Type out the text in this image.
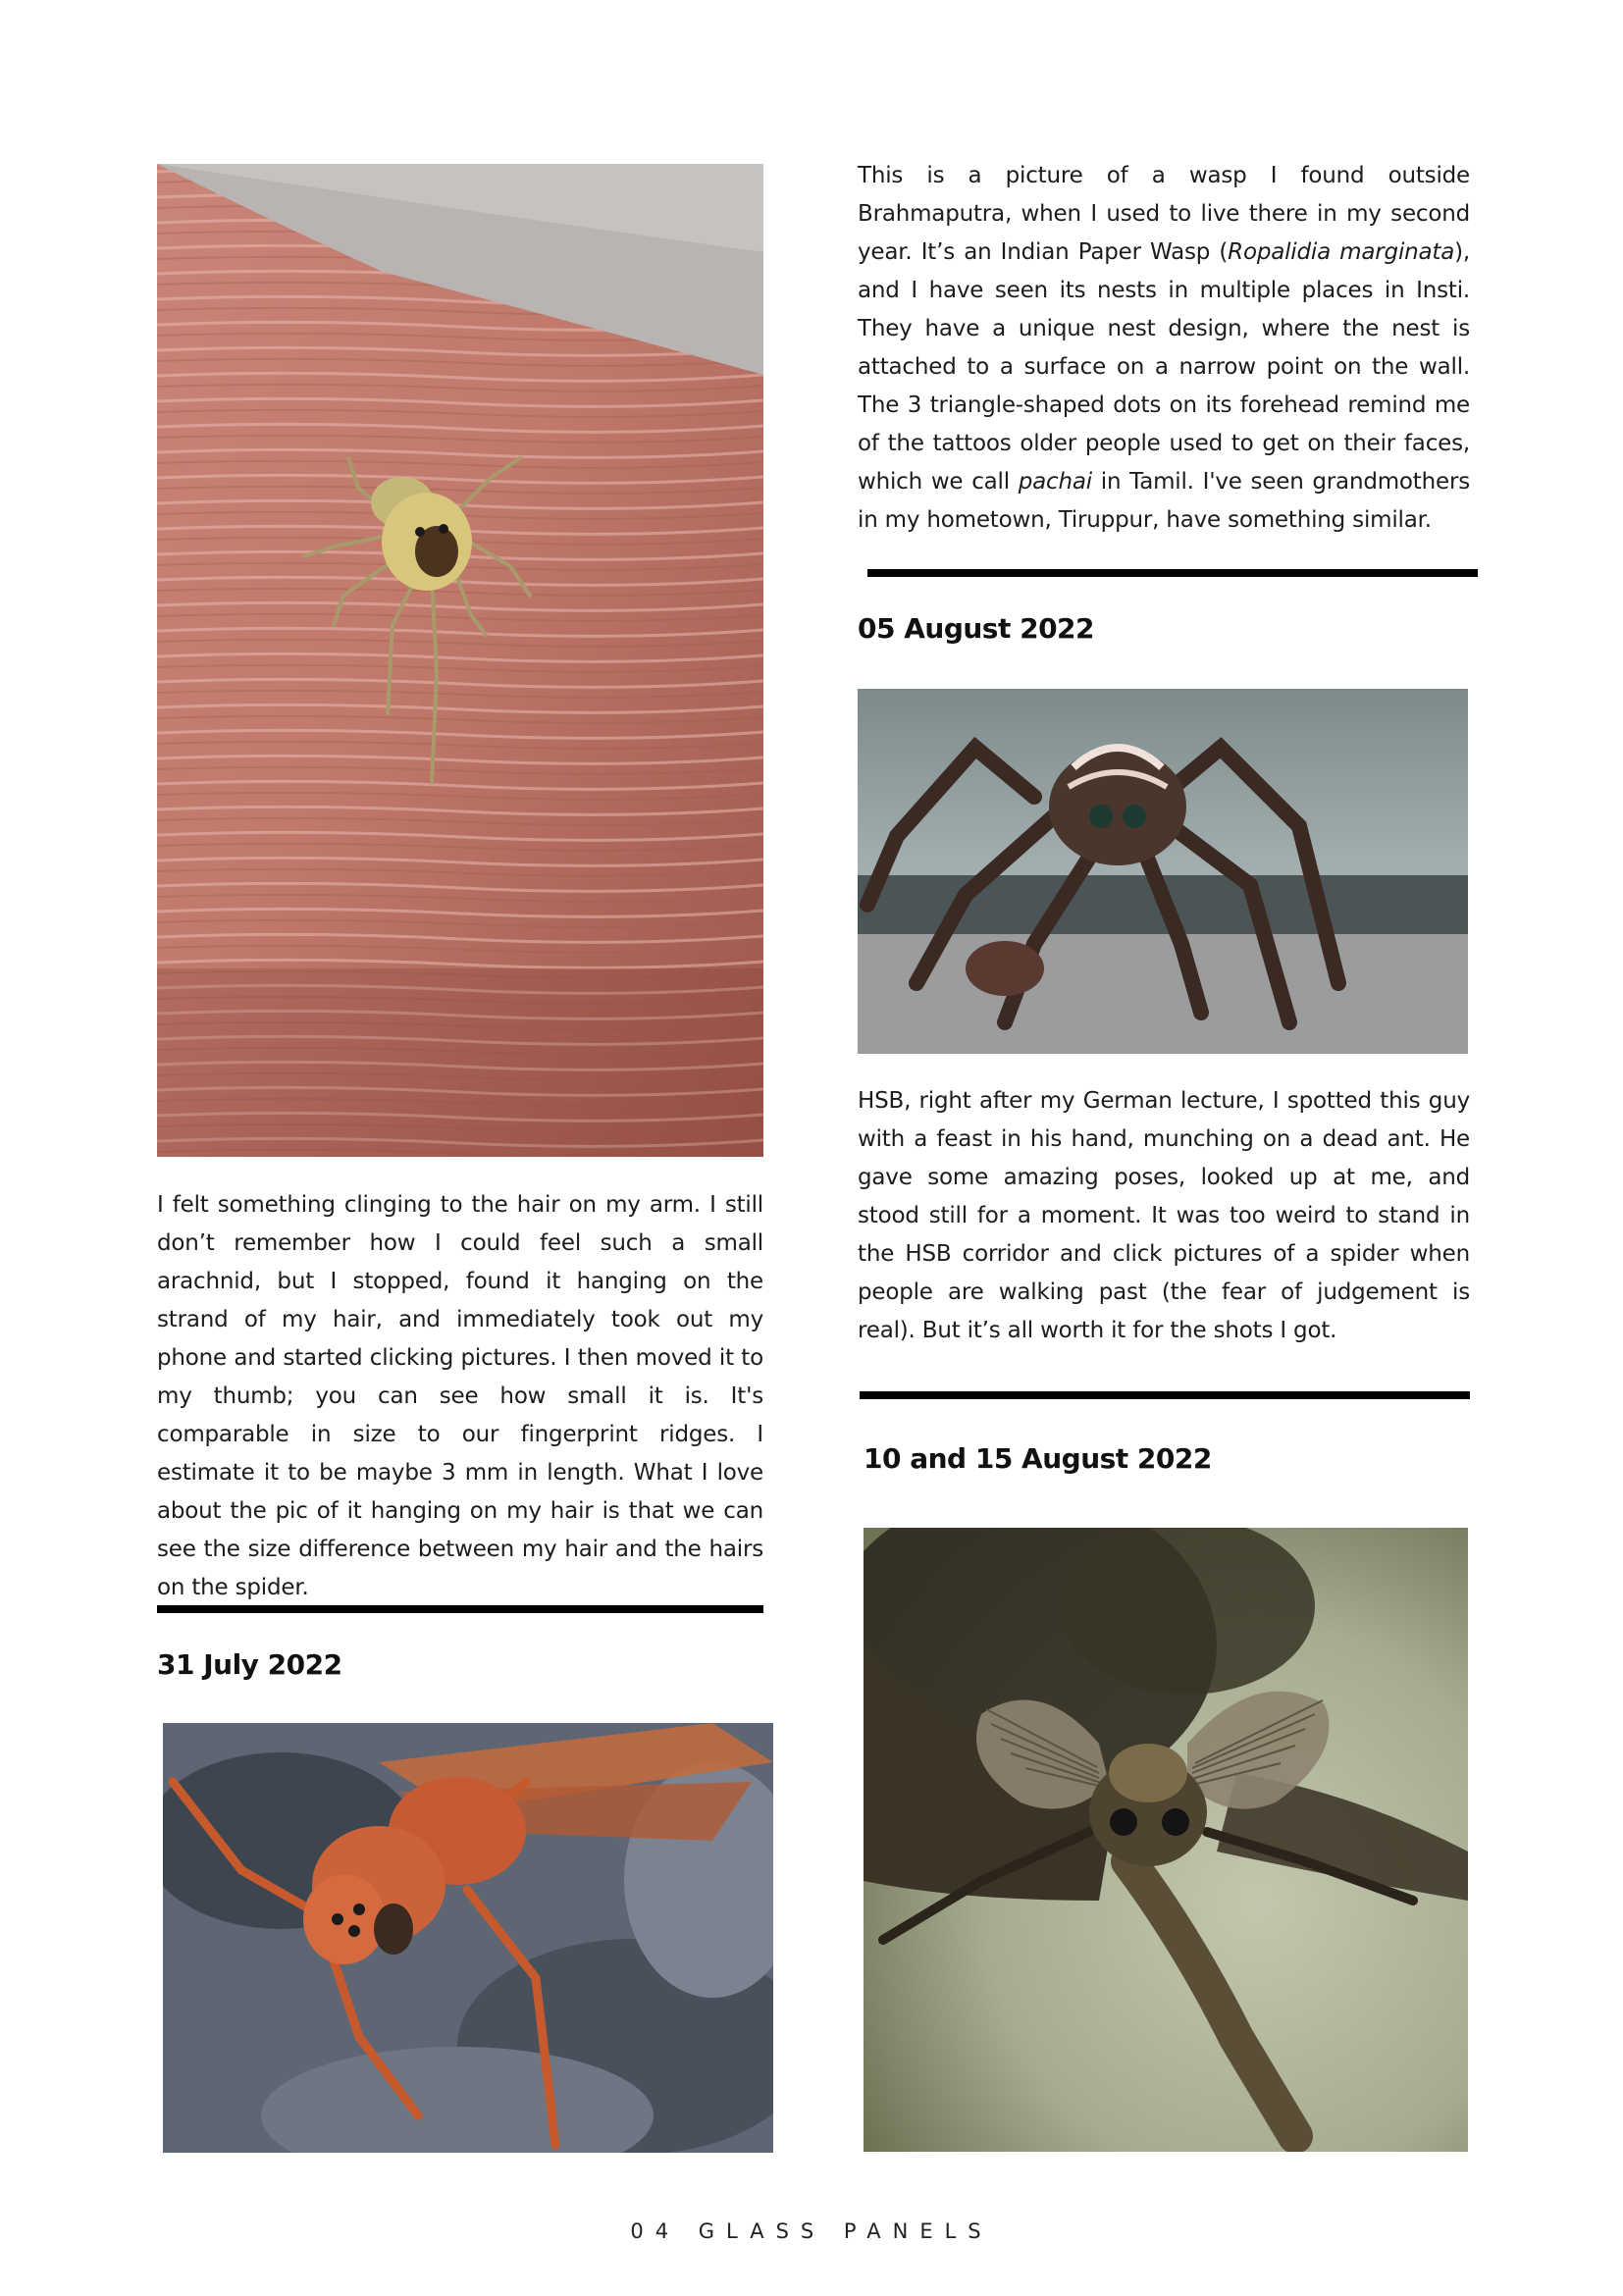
I felt something clinging to the hair on my arm. I still don’t remember how I could feel such a small arachnid, but I stopped, found it hanging on the strand of my hair, and immediately took out my phone and started clicking pictures. I then moved it to my thumb; you can see how small it is. It's comparable in size to our fingerprint ridges. I estimate it to be maybe 3 mm in length. What I love about the pic of it hanging on my hair is that we can see the size difference between my hair and the hairs on the spider.

31 July 2022

This is a picture of a wasp I found outside Brahmaputra, when I used to live there in my second year. It’s an Indian Paper Wasp (Ropalidia marginata), and I have seen its nests in multiple places in Insti. They have a unique nest design, where the nest is attached to a surface on a narrow point on the wall. The 3 triangle-shaped dots on its forehead remind me of the tattoos older people used to get on their faces, which we call pachai in Tamil. I've seen grandmothers in my hometown, Tiruppur, have something similar.

05 August 2022

HSB, right after my German lecture, I spotted this guy with a feast in his hand, munching on a dead ant. He gave some amazing poses, looked up at me, and stood still for a moment. It was too weird to stand in the HSB corridor and click pictures of a spider when people are walking past (the fear of judgement is real). But it’s all worth it for the shots I got.

10 and 15 August 2022
04 GLASS PANELS
